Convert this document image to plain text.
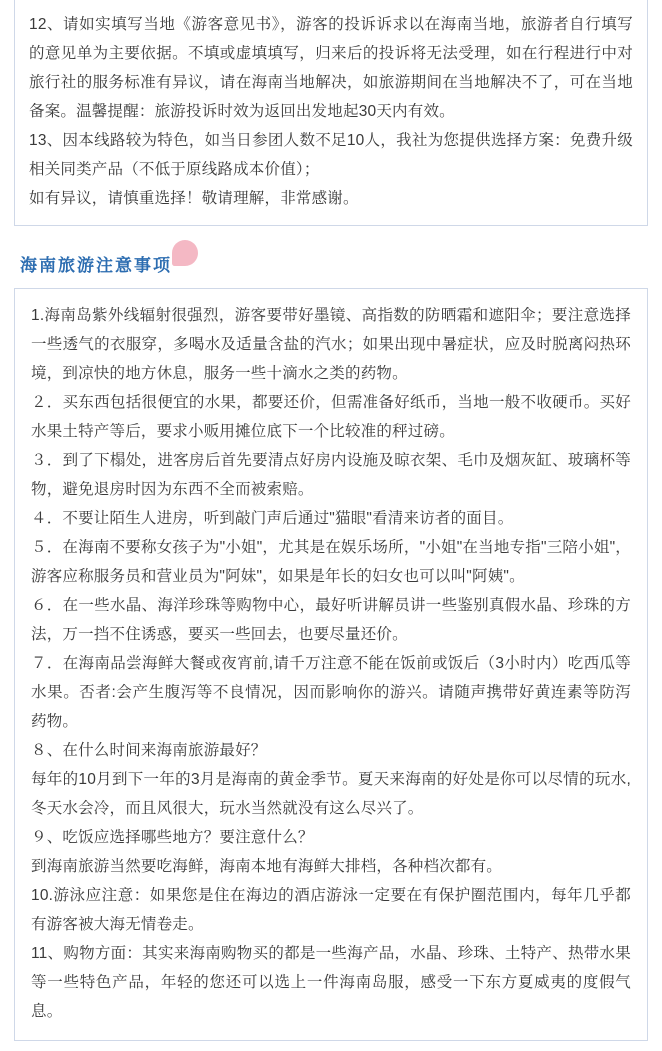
12、请如实填写当地《游客意见书》，游客的投诉诉求以在海南当地，旅游者自行填写的意见单为主要依据。不填或虚填填写，归来后的投诉将无法受理，如在行程进行中对旅行社的服务标准有异议，请在海南当地解决，如旅游期间在当地解决不了，可在当地备案。温馨提醒：旅游投诉时效为返回出发地起30天内有效。

13、因本线路较为特色，如当日参团人数不足10人，我社为您提供选择方案：免费升级相关同类产品（不低于原线路成本价值）；

如有异议，请慎重选择！敬请理解，非常感谢。

海南旅游注意事项

1.海南岛紫外线辐射很强烈，游客要带好墨镜、高指数的防晒霜和遮阳伞；要注意选择一些透气的衣服穿，多喝水及适量含盐的汽水；如果出现中暑症状，应及时脱离闷热环境，到凉快的地方休息，服务一些十滴水之类的药物。

２．买东西包括很便宜的水果，都要还价，但需准备好纸币，当地一般不收硬币。买好水果土特产等后，要求小贩用摊位底下一个比较准的秤过磅。

３．到了下榻处，进客房后首先要清点好房内设施及晾衣架、毛巾及烟灰缸、玻璃杯等物，避免退房时因为东西不全而被索赔。

４．不要让陌生人进房，听到敲门声后通过"猫眼"看清来访者的面目。

５．在海南不要称女孩子为"小姐"，尤其是在娱乐场所，"小姐"在当地专指"三陪小姐"，游客应称服务员和营业员为"阿妹"，如果是年长的妇女也可以叫"阿姨"。

６．在一些水晶、海洋珍珠等购物中心，最好听讲解员讲一些鉴别真假水晶、珍珠的方法，万一挡不住诱惑，要买一些回去，也要尽量还价。

７．在海南品尝海鲜大餐或夜宵前,请千万注意不能在饭前或饭后（3小时内）吃西瓜等水果。否者:会产生腹泻等不良情况，因而影响你的游兴。请随声携带好黄连素等防泻药物。

８、在什么时间来海南旅游最好？

每年的10月到下一年的3月是海南的黄金季节。夏天来海南的好处是你可以尽情的玩水,冬天水会冷，而且风很大，玩水当然就没有这么尽兴了。

９、吃饭应选择哪些地方？要注意什么？

到海南旅游当然要吃海鲜，海南本地有海鲜大排档，各种档次都有。

10.游泳应注意：如果您是住在海边的酒店游泳一定要在有保护圈范围内，每年几乎都有游客被大海无情卷走。

11、购物方面：其实来海南购物买的都是一些海产品，水晶、珍珠、土特产、热带水果等一些特色产品，年轻的您还可以选上一件海南岛服，感受一下东方夏威夷的度假气息。
